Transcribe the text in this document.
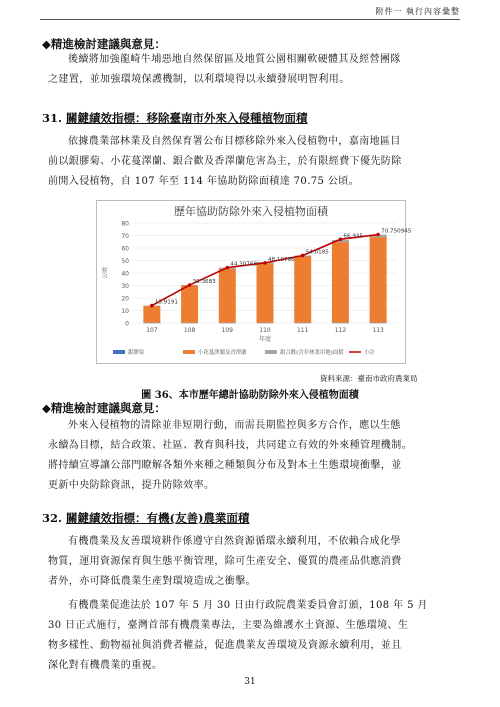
附件一 執行內容彙整
◆精進檢討建議與意見：

後續將加強龍崎牛埔惡地自然保留區及地質公園相關軟硬體其及經營團隊

之建置，並加強環境保護機制，以利環境得以永續發展明智利用。

31. 關鍵績效指標：移除臺南市外來入侵種植物面積

依據農業部林業及自然保育署公布目標移除外來入侵植物中，嘉南地區目

前以銀膠菊、小花蔓澤蘭、銀合歡及香澤蘭危害為主，於有限經費下優先防除

前開入侵植物，自 107 年至 114 年協助防除面積達 70.75 公頃。

歷年協助防除外來入侵植物面積
0
10
20
30
40
50
60
70
80
公頃
107	108	109	110	111	112	113
13.9191
30.3683
44.30768
48.10766
54.0185
66.935
70.750945
年度
銀膠菊	小花蔓澤蘭及香澤蘭	銀合歡(含非林業用地)面積	小計
資料來源：臺南市政府農業局
圖 36、本市歷年總計協助防除外來入侵植物面積
◆精進檢討建議與意見：

外來入侵植物的清除並非短期行動，而需長期監控與多方合作，應以生態

永續為目標，結合政策、社區、教育與科技，共同建立有效的外來種管理機制。

將持續宣導讓公部門瞭解各類外來種之種類與分布及對本土生態環境衝擊，並

更新中央防除資訊，提升防除效率。

32. 關鍵績效指標：有機(友善)農業面積

有機農業及友善環境耕作係遵守自然資源循環永續利用，不依賴合成化學

物質，運用資源保育與生態平衡管理，除可生產安全、優質的農產品供應消費

者外，亦可降低農業生產對環境造成之衝擊。

有機農業促進法於 107 年 5 月 30 日由行政院農業委員會訂頒，108 年 5 月

30 日正式施行，臺灣首部有機農業專法，主要為維護水土資源、生態環境、生

物多樣性、動物福祉與消費者權益，促進農業友善環境及資源永續利用，並且

深化對有機農業的重視。

31
